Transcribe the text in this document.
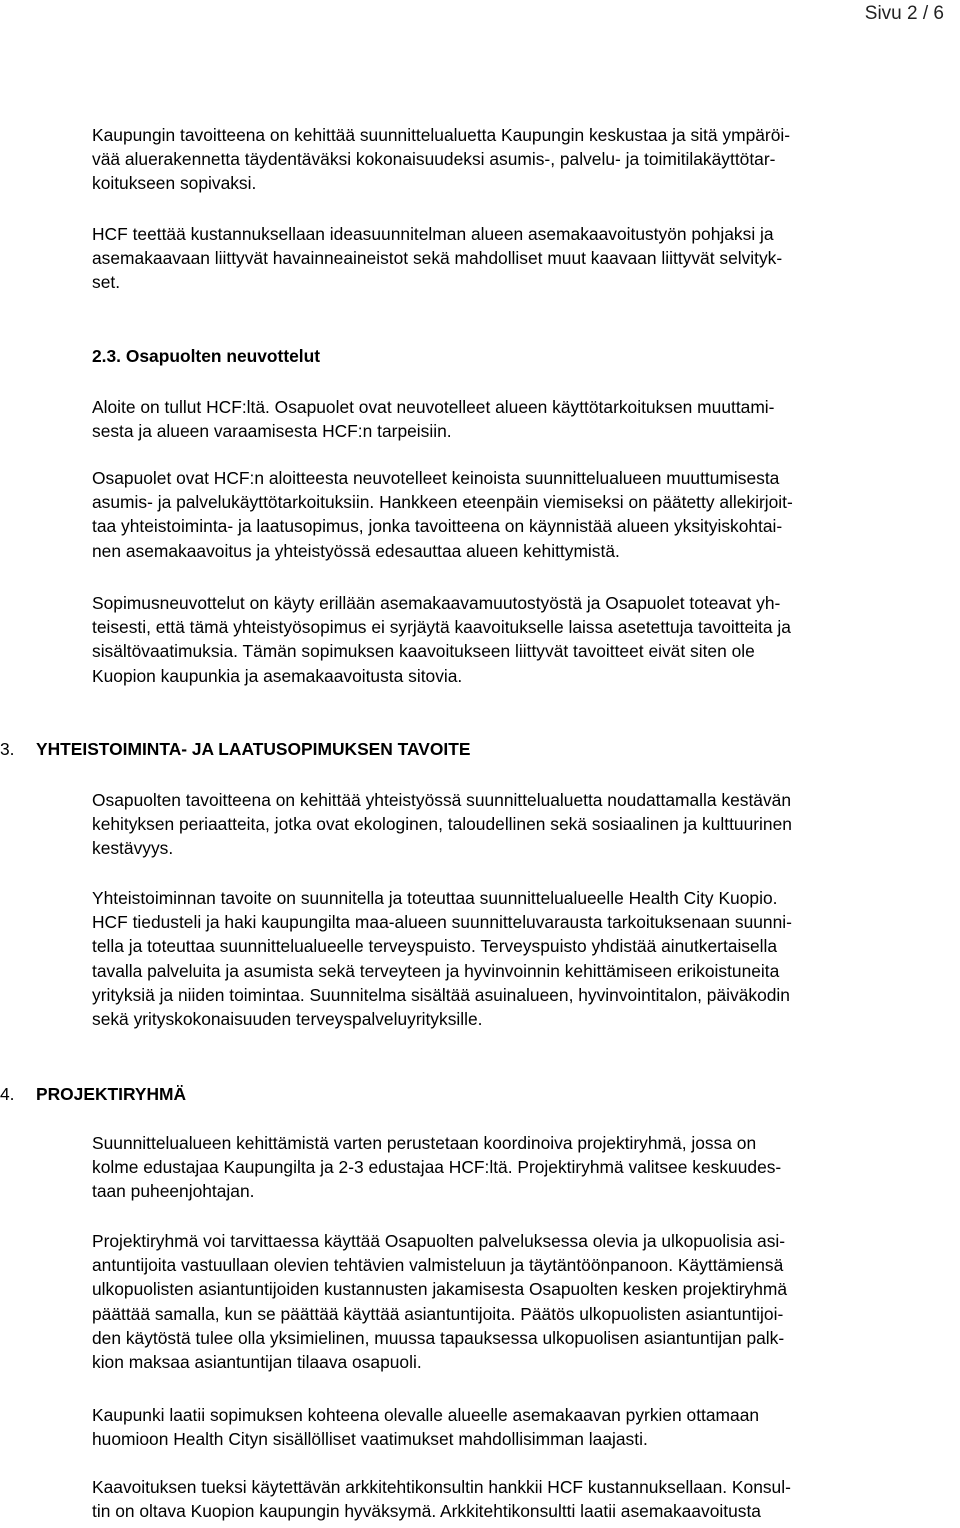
Sivu 2 / 6

Kaupungin tavoitteena on kehittää suunnittelualuetta Kaupungin keskustaa ja sitä ympäröi-
vää aluerakennetta täydentäväksi kokonaisuudeksi asumis-, palvelu- ja toimitilakäyttötar-
koitukseen sopivaksi.

HCF teettää kustannuksellaan ideasuunnitelman alueen asemakaavoitustyön pohjaksi ja
asemakaavaan liittyvät havainneaineistot sekä mahdolliset muut kaavaan liittyvät selvityk-
set.

2.3. Osapuolten neuvottelut

Aloite on tullut HCF:ltä. Osapuolet ovat neuvotelleet alueen käyttötarkoituksen muuttami-
sesta ja alueen varaamisesta HCF:n tarpeisiin.

Osapuolet ovat HCF:n aloitteesta neuvotelleet keinoista suunnittelualueen muuttumisesta
asumis- ja palvelukäyttötarkoituksiin. Hankkeen eteenpäin viemiseksi on päätetty allekirjoit-
taa yhteistoiminta- ja laatusopimus, jonka tavoitteena on käynnistää alueen yksityiskohtai-
nen asemakaavoitus ja yhteistyössä edesauttaa alueen kehittymistä.

Sopimusneuvottelut on käyty erillään asemakaavamuutostyöstä ja Osapuolet toteavat yh-
teisesti, että tämä yhteistyösopimus ei syrjäytä kaavoitukselle laissa asetettuja tavoitteita ja
sisältövaatimuksia. Tämän sopimuksen kaavoitukseen liittyvät tavoitteet eivät siten ole
Kuopion kaupunkia ja asemakaavoitusta sitovia.

3. YHTEISTOIMINTA- JA LAATUSOPIMUKSEN TAVOITE

Osapuolten tavoitteena on kehittää yhteistyössä suunnittelualuetta noudattamalla kestävän
kehityksen periaatteita, jotka ovat ekologinen, taloudellinen sekä sosiaalinen ja kulttuurinen
kestävyys.

Yhteistoiminnan tavoite on suunnitella ja toteuttaa suunnittelualueelle Health City Kuopio.
HCF tiedusteli ja haki kaupungilta maa-alueen suunnitteluvarausta tarkoituksenaan suunni-
tella ja toteuttaa suunnittelualueelle terveyspuisto. Terveyspuisto yhdistää ainutkertaisella
tavalla palveluita ja asumista sekä terveyteen ja hyvinvoinnin kehittämiseen erikoistuneita
yrityksiä ja niiden toimintaa. Suunnitelma sisältää asuinalueen, hyvinvointitalon, päiväkodin
sekä yrityskokonaisuuden terveyspalveluyrityksille.

4. PROJEKTIRYHMÄ

Suunnittelualueen kehittämistä varten perustetaan koordinoiva projektiryhmä, jossa on
kolme edustajaa Kaupungilta ja 2-3 edustajaa HCF:ltä. Projektiryhmä valitsee keskuudes-
taan puheenjohtajan.

Projektiryhmä voi tarvittaessa käyttää Osapuolten palveluksessa olevia ja ulkopuolisia asi-
antuntijoita vastuullaan olevien tehtävien valmisteluun ja täytäntöönpanoon. Käyttämiensä
ulkopuolisten asiantuntijoiden kustannusten jakamisesta Osapuolten kesken projektiryhmä
päättää samalla, kun se päättää käyttää asiantuntijoita. Päätös ulkopuolisten asiantuntijoi-
den käytöstä tulee olla yksimielinen, muussa tapauksessa ulkopuolisen asiantuntijan palk-
kion maksaa asiantuntijan tilaava osapuoli.

Kaupunki laatii sopimuksen kohteena olevalle alueelle asemakaavan pyrkien ottamaan
huomioon Health Cityn sisällölliset vaatimukset mahdollisimman laajasti.

Kaavoituksen tueksi käytettävän arkkitehtikonsultin hankkii HCF kustannuksellaan. Konsul-
tin on oltava Kuopion kaupungin hyväksymä. Arkkitehtikonsultti laatii asemakaavoitusta
